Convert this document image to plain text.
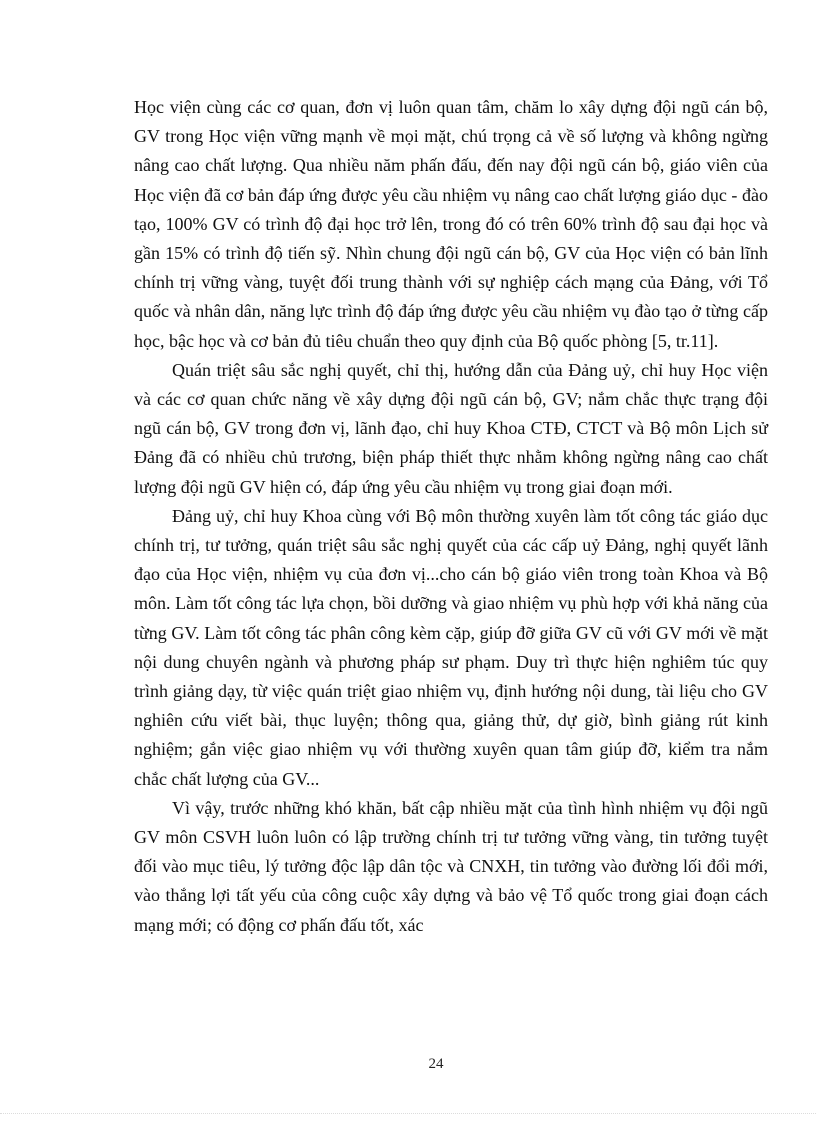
Học viện cùng các cơ quan, đơn vị luôn quan tâm, chăm lo xây dựng đội ngũ cán bộ, GV trong Học viện vững mạnh về mọi mặt, chú trọng cả về số lượng và không ngừng nâng cao chất lượng. Qua nhiều năm phấn đấu, đến nay đội ngũ cán bộ, giáo viên của Học viện đã cơ bản đáp ứng được yêu cầu nhiệm vụ nâng cao chất lượng giáo dục - đào tạo, 100% GV có trình độ đại học trở lên, trong đó có trên 60% trình độ sau đại học và gần 15% có trình độ tiến sỹ. Nhìn chung đội ngũ cán bộ, GV của Học viện có bản lĩnh chính trị vững vàng, tuyệt đối trung thành với sự nghiệp cách mạng của Đảng, với Tổ quốc và nhân dân, năng lực trình độ đáp ứng được yêu cầu nhiệm vụ đào tạo ở từng cấp học, bậc học và cơ bản đủ tiêu chuẩn theo quy định của Bộ quốc phòng [5, tr.11].

Quán triệt sâu sắc nghị quyết, chỉ thị, hướng dẫn của Đảng uỷ, chỉ huy Học viện và các cơ quan chức năng về xây dựng đội ngũ cán bộ, GV; nắm chắc thực trạng đội ngũ cán bộ, GV trong đơn vị, lãnh đạo, chỉ huy Khoa CTĐ, CTCT và Bộ môn Lịch sử Đảng đã có nhiều chủ trương, biện pháp thiết thực nhằm không ngừng nâng cao chất lượng đội ngũ GV hiện có, đáp ứng yêu cầu nhiệm vụ trong giai đoạn mới.

Đảng uỷ, chỉ huy Khoa cùng với Bộ môn thường xuyên làm tốt công tác giáo dục chính trị, tư tưởng, quán triệt sâu sắc nghị quyết của các cấp uỷ Đảng, nghị quyết lãnh đạo của Học viện, nhiệm vụ của đơn vị...cho cán bộ giáo viên trong toàn Khoa và Bộ môn. Làm tốt công tác lựa chọn, bồi dưỡng và giao nhiệm vụ phù hợp với khả năng của từng GV. Làm tốt công tác phân công kèm cặp, giúp đỡ giữa GV cũ với GV mới về mặt nội dung chuyên ngành và phương pháp sư phạm. Duy trì thực hiện nghiêm túc quy trình giảng dạy, từ việc quán triệt giao nhiệm vụ, định hướng nội dung, tài liệu cho GV nghiên cứu viết bài, thục luyện; thông qua, giảng thử, dự giờ, bình giảng rút kinh nghiệm; gắn việc giao nhiệm vụ với thường xuyên quan tâm giúp đỡ, kiểm tra nắm chắc chất lượng của GV...

Vì vậy, trước những khó khăn, bất cập nhiều mặt của tình hình nhiệm vụ đội ngũ GV môn CSVH luôn luôn có lập trường chính trị tư tưởng vững vàng, tin tưởng tuyệt đối vào mục tiêu, lý tưởng độc lập dân tộc và CNXH, tin tưởng vào đường lối đổi mới, vào thắng lợi tất yếu của công cuộc xây dựng và bảo vệ Tổ quốc trong giai đoạn cách mạng mới; có động cơ phấn đấu tốt, xác

24
